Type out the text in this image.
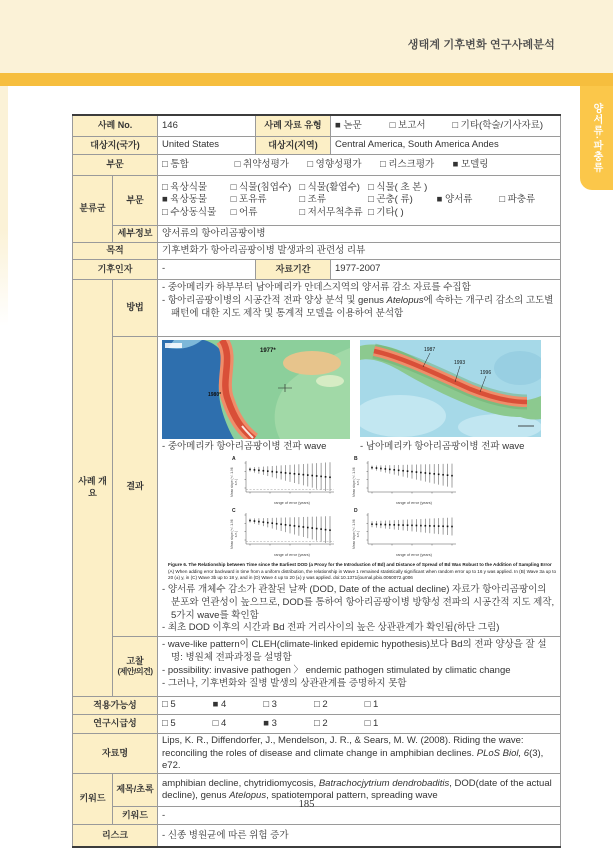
생태계 기후변화 연구사례분석
양서류·파충류
사례 No.		146	사례 자료 유형	■ 논문 □ 보고서 □ 기타(학술/기사자료)
대상지(국가)		United States	대상지(지역)	Central America, South America Andes
부문		□ 통합 □ 취약성평가 □ 영향성평가 □ 리스크평가 ■ 모델링		
분류군	부문	□ 육상식물 □ 식물(침엽수) □ 식물(활엽수) □ 식물( 초 본 )
■ 육상동물 □ 포유류 □ 조류 □ 곤충( 류) ■ 양서류 □ 파충류
□ 수상동식물 □ 어류 □ 저서무척추류 □ 기타( )		

	세부정보	양서류의 항아리곰팡이병		
목적		기후변화가 항아리곰팡이병 발생과의 관련성 리뷰		
기후인자		-	자료기간	1977-2007
사례 개요	방법	- 중아메리카 하부부터 남아메리카 안데스지역의 양서류 감소 자료를 수집함
- 항아리곰팡이병의 시공간적 전파 양상 분석 및 genus Atelopus에 속하는 개구리 감소의 고도별 패턴에 대한 지도 제작 및 통계적 모델을 이용하여 분석함		

결과	
1977*
1980*
1987
1993
1996
- 중아메리카 항아리곰팡이병 전파 wave	- 남아메리카 항아리곰팡이병 전파 wave
A
Mean slope (+/- 1.96 s.e.)
range of error (years)
B
Mean slope (+/- 1.96 s.e.)
range of error (years)
C
Mean slope (+/- 1.96 s.e.)
range of error (years)
D
Mean slope (+/- 1.96 s.e.)
range of error (years)
Figure 6. The Relationship between Time since the Earliest DOD (a Proxy for the Introduction of Bd) and Distance of Spread of Bd Was Robust to the Addition of Sampling Error (A) When adding error backward in time from a uniform distribution, the relationship in Wave 1 remained statistically significant when random error up to 16 y was applied. In (B) Wave 3a up to 20 (±) y, in (C) Wave 3b up to 18 y, and in (D) Wave 4 up to 20 (±) y was applied. doi:10.1371/journal.pbio.0060072.g006
- 양서류 개체수 감소가 관찰된 날짜 (DOD, Date of the actual decline) 자료가 항아리곰팡이의 분포와 연관성이 높으므로, DOD를 통하여 항아리곰팡이병 방향성 전파의 시공간적 지도 제작, 5가지 wave를 확인함
- 최초 DOD 이후의 시간과 Bd 전파 거리사이의 높은 상관관계가 확인됨(하단 그림)

고찰
(제안/의견)

- wave-like pattern이 CLEH(climate-linked epidemic hypothesis)보다 Bd의 전파 양상을 잘 설명: 병원체 전파과정을 설명함
- possibility: invasive pathogen 〉 endemic pathogen stimulated by climatic change
- 그러나, 기후변화와 질병 발생의 상관관계를 증명하지 못함

적용가능성		□ 5 ■ 4 □ 3 □ 2 □ 1		
연구시급성		□ 5 □ 4 ■ 3 □ 2 □ 1		
자료명		Lips, K. R., Diffendorfer, J., Mendelson, J. R., & Sears, M. W. (2008). Riding the wave: reconciling the roles of disease and climate change in amphibian declines. PLoS Biol, 6(3), e72.		
키워드	제목/초록	amphibian decline, chytridiomycosis, Batrachocjytrium dendrobaditis, DOD(date of the actual decline), genus Atelopus, spatiotemporal pattern, spreading wave		
	키워드	-		
리스크		- 신종 병원균에 따른 위험 증가		
185
